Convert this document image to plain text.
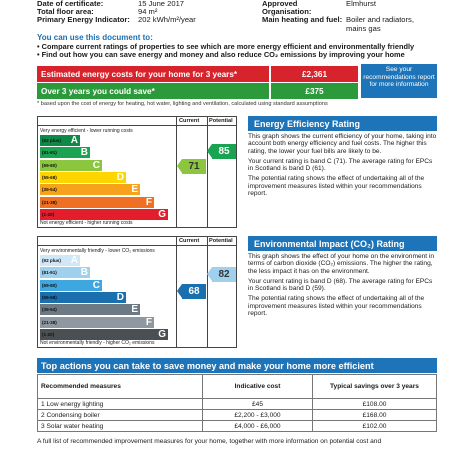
Date of certificate:	15 June 2017
Total floor area:	94 m²
Primary Energy Indicator:	202 kWh/m²/year
Approved Organisation:
Elmhurst
Main heating and fuel: Boiler and radiators, mains gas
You can use this document to:
• Compare current ratings of properties to see which are more energy efficient and environmentally friendly
• Find out how you can save energy and money and also reduce CO₂ emissions by improving your home
Estimated energy costs for your home for 3 years*	£2,361
Over 3 years you could save*	£375
See your recommendations report for more information
* based upon the cost of energy for heating, hot water, lighting and ventilation, calculated using standard assumptions
Current Potential
Very energy efficient - lower running costs
(92 plus) A
(81-91) B
(69-80)	C
(55-68)	D
(39-54)	E
(21-38)	F
(1-20)	G
71
85
Not energy efficient - higher running costs
Energy Efficiency Rating

This graph shows the current efficiency of your home, taking into account both energy efficiency and fuel costs. The higher this rating, the lower your fuel bills are likely to be.

Your current rating is band C (71). The average rating for EPCs in Scotland is band D (61).

The potential rating shows the effect of undertaking all of the improvement measures listed within your recommendations report.

Current Potential
Very environmentally friendly - lower CO₂ emissions
(92 plus) A
(81-91) B
(69-80)	C
(55-68)	D
(39-54)	E
(21-38)	F
(1-20)	G
68
82
Not environmentally friendly - higher CO₂ emissions
Environmental Impact (CO₂) Rating

This graph shows the effect of your home on the environment in terms of carbon dioxide (CO₂) emissions. The higher the rating, the less impact it has on the environment.

Your current rating is band D (68). The average rating for EPCs in Scotland is band D (59).

The potential rating shows the effect of undertaking all of the improvement measures listed within your recommendations report.

Top actions you can take to save money and make your home more efficient
Recommended measures	Indicative cost	Typical savings over 3 years
1 Low energy lighting	£45	£108.00
2 Condensing boiler	£2,200 - £3,000	£168.00
3 Solar water heating	£4,000 - £6,000	£102.00
A full list of recommended improvement measures for your home, together with more information on potential cost and
